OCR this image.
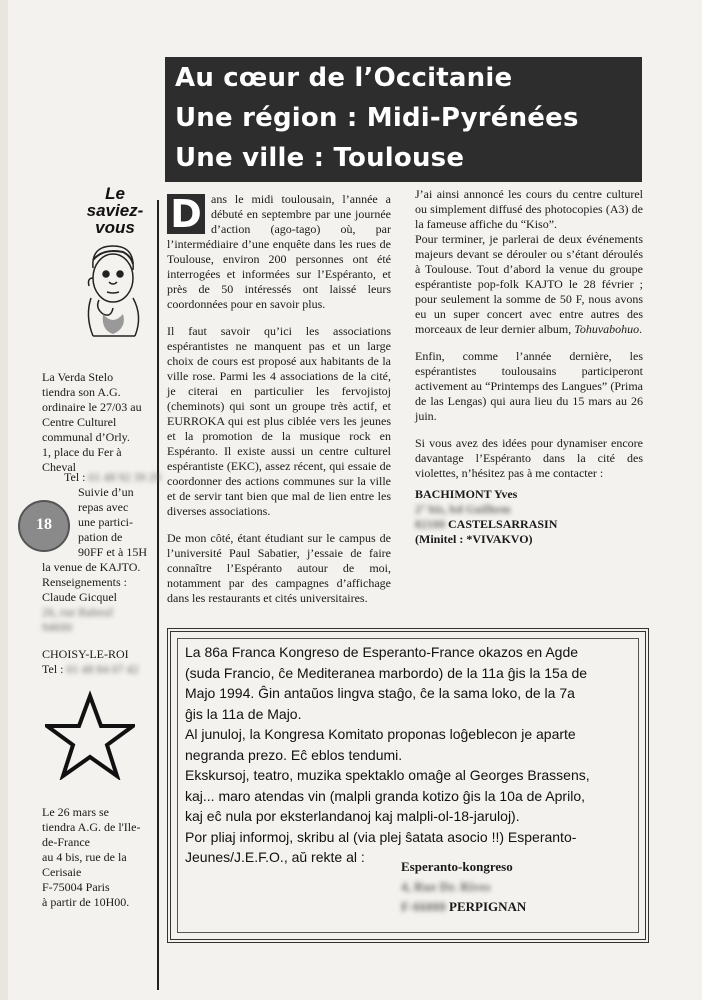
Au cœur de l’Occitanie
Une région : Midi-Pyrénées
Une ville : Toulouse
Le
saviez-
vous
La Verda Stelo
tiendra son A.G.
ordinaire le 27/03 au
Centre Culturel
communal d’Orly.
1, place du Fer à
Cheval
Tel : 01 48 92 39 29
18
Suivie d’un
repas avec
une partici-
pation de
90FF et à 15H
la venue de KAJTO.
Renseignements :
Claude Gicquel
26, rue Babeuf
94600
CHOISY-LE-ROI
Tel : 01 48 84 07 42
Le 26 mars se
tiendra A.G. de l'Ile-
de-France
au 4 bis, rue de la
Cerisaie
F-75004 Paris
à partir de 10H00.

D ans le midi toulousain, l’année a débuté en septembre par une journée d’action (ago-tago) où, par l’intermédiaire d’une enquête dans les rues de Toulouse, environ 200 personnes ont été interrogées et informées sur l’Espéranto, et près de 50 intéressés ont laissé leurs coordonnées pour en savoir plus.

Il faut savoir qu’ici les associations espérantistes ne manquent pas et un large choix de cours est proposé aux habitants de la ville rose. Parmi les 4 associations de la cité, je citerai en particulier les fervojistoj (cheminots) qui sont un groupe très actif, et EURROKA qui est plus ciblée vers les jeunes et la promotion de la musique rock en Espéranto. Il existe aussi un centre culturel espérantiste (EKC), assez récent, qui essaie de coordonner des actions communes sur la ville et de servir tant bien que mal de lien entre les diverses associations.

De mon côté, étant étudiant sur le campus de l’université Paul Sabatier, j’essaie de faire connaître l’Espéranto autour de moi, notamment par des campagnes d’affichage dans les restaurants et cités universitaires.

J’ai ainsi annoncé les cours du centre culturel ou simplement diffusé des photocopies (A3) de la fameuse affiche du “Kiso”.

Pour terminer, je parlerai de deux événements majeurs devant se dérouler ou s’étant déroulés à Toulouse. Tout d’abord la venue du groupe espérantiste pop-folk KAJTO le 28 février ; pour seulement la somme de 50 F, nous avons eu un super concert avec entre autres des morceaux de leur dernier album, Tohuvabohuo.

Enfin, comme l’année dernière, les espérantistes toulousains participeront activement au “Printemps des Langues” (Prima de las Lengas) qui aura lieu du 15 mars au 26 juin.

Si vous avez des idées pour dynamiser encore davantage l’Espéranto dans la cité des violettes, n’hésitez pas à me contacter :

BACHIMONT Yves
2° bis, bd Guilhem
82100 CASTELSARRASIN
(Minitel : *VIVAKVO)
La 86a Franca Kongreso de Esperanto-France okazos en Agde
(suda Francio, ĉe Mediteranea marbordo) de la 11a ĝis la 15a de
Majo 1994. Ĝin antaŭos lingva staĝo, ĉe la sama loko, de la 7a
ĝis la 11a de Majo.
Al junuloj, la Kongresa Komitato proponas loĝeblecon je aparte
negranda prezo. Eĉ eblos tendumi.
Ekskursoj, teatro, muzika spektaklo omaĝe al Georges Brassens,
kaj... maro atendas vin (malpli granda kotizo ĝis la 10a de Aprilo,
kaj eĉ nula por eksterlandanoj kaj malpli-ol-18-jaruloj).
Por pliaj informoj, skribu al (via plej ŝatata asocio !!) Esperanto-
Jeunes/J.E.F.O., aŭ rekte al :
Esperanto-kongreso
4, Rue Dr. Rives
F-66000 PERPIGNAN
